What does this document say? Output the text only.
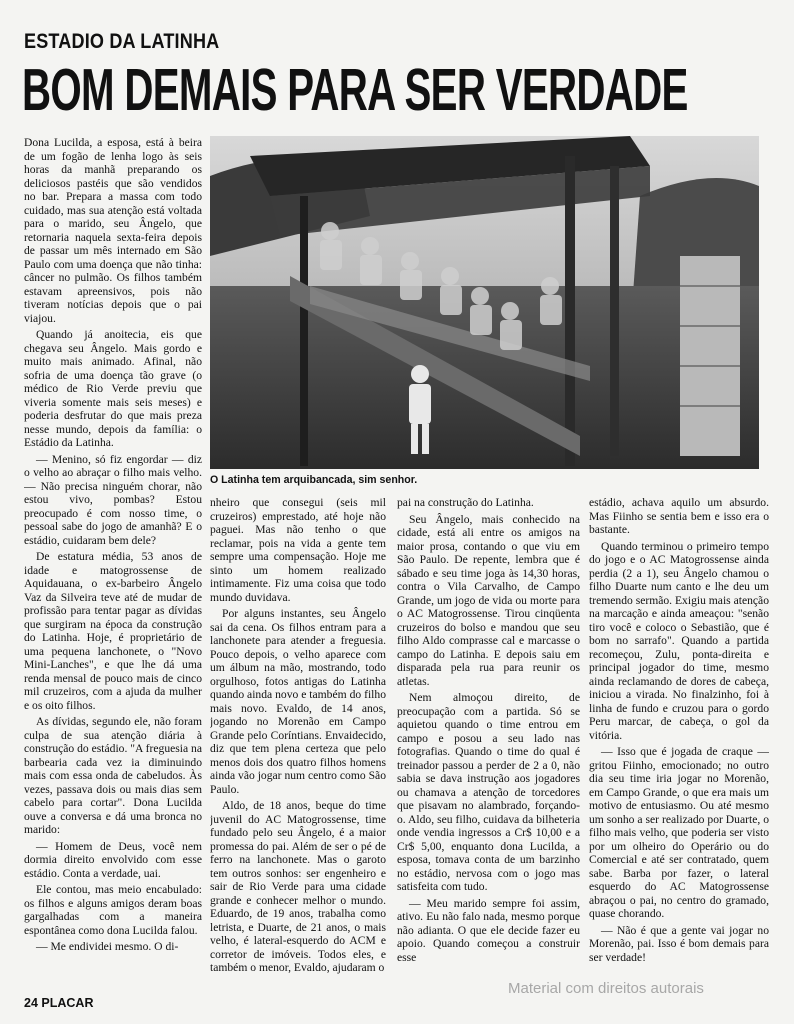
ESTADIO DA LATINHA
BOM DEMAIS PARA SER VERDADE

Dona Lucilda, a esposa, está à beira de um fogão de lenha logo às seis horas da manhã preparando os deliciosos pastéis que são vendidos no bar. Prepara a massa com todo cuidado, mas sua atenção está voltada para o marido, seu Ângelo, que retornaria naquela sexta-feira depois de passar um mês internado em São Paulo com uma doença que não tinha: câncer no pulmão. Os filhos também estavam apreensivos, pois não tiveram notícias depois que o pai viajou.

Quando já anoitecia, eis que chegava seu Ângelo. Mais gordo e muito mais animado. Afinal, não sofria de uma doença tão grave (o médico de Rio Verde previu que viveria somente mais seis meses) e poderia desfrutar do que mais preza nesse mundo, depois da família: o Estádio da Latinha.

— Menino, só fiz engordar — diz o velho ao abraçar o filho mais velho. — Não precisa ninguém chorar, não estou vivo, pombas? Estou preocupado é com nosso time, o pessoal sabe do jogo de amanhã? E o estádio, cuidaram bem dele?

De estatura média, 53 anos de idade e matogrossense de Aquidauana, o ex-barbeiro Ângelo Vaz da Silveira teve até de mudar de profissão para tentar pagar as dívidas que surgiram na época da construção do Latinha. Hoje, é proprietário de uma pequena lanchonete, o "Novo Mini-Lanches", e que lhe dá uma renda mensal de pouco mais de cinco mil cruzeiros, com a ajuda da mulher e os oito filhos.

As dívidas, segundo ele, não foram culpa de sua atenção diária à construção do estádio. "A freguesia na barbearia cada vez ia diminuindo mais com essa onda de cabeludos. Às vezes, passava dois ou mais dias sem cabelo para cortar". Dona Lucilda ouve a conversa e dá uma bronca no marido:

— Homem de Deus, você nem dormia direito envolvido com esse estádio. Conta a verdade, uai.

Ele contou, mas meio encabulado: os filhos e alguns amigos deram boas gargalhadas com a maneira espontânea como dona Lucilda falou.

— Me endividei mesmo. O di-

O Latinha tem arquibancada, sim senhor.

nheiro que consegui (seis mil cruzeiros) emprestado, até hoje não paguei. Mas não tenho o que reclamar, pois na vida a gente tem sempre uma compensação. Hoje me sinto um homem realizado intimamente. Fiz uma coisa que todo mundo duvidava.

Por alguns instantes, seu Ângelo sai da cena. Os filhos entram para a lanchonete para atender a freguesia. Pouco depois, o velho aparece com um álbum na mão, mostrando, todo orgulhoso, fotos antigas do Latinha quando ainda novo e também do filho mais novo. Evaldo, de 14 anos, jogando no Morenão em Campo Grande pelo Coríntians. Envaidecido, diz que tem plena certeza que pelo menos dois dos quatro filhos homens ainda vão jogar num centro como São Paulo.

Aldo, de 18 anos, beque do time juvenil do AC Matogrossense, time fundado pelo seu Ângelo, é a maior promessa do pai. Além de ser o pé de ferro na lanchonete. Mas o garoto tem outros sonhos: ser engenheiro e sair de Rio Verde para uma cidade grande e conhecer melhor o mundo. Eduardo, de 19 anos, trabalha como letrista, e Duarte, de 21 anos, o mais velho, é lateral-esquerdo do ACM e corretor de imóveis. Todos eles, e também o menor, Evaldo, ajudaram o

pai na construção do Latinha.

Seu Ângelo, mais conhecido na cidade, está ali entre os amigos na maior prosa, contando o que viu em São Paulo. De repente, lembra que é sábado e seu time joga às 14,30 horas, contra o Vila Carvalho, de Campo Grande, um jogo de vida ou morte para o AC Matogrossense. Tirou cinqüenta cruzeiros do bolso e mandou que seu filho Aldo comprasse cal e marcasse o campo do Latinha. E depois saiu em disparada pela rua para reunir os atletas.

Nem almoçou direito, de preocupação com a partida. Só se aquietou quando o time entrou em campo e posou a seu lado nas fotografias. Quando o time do qual é treinador passou a perder de 2 a 0, não sabia se dava instrução aos jogadores ou chamava a atenção de torcedores que pisavam no alambrado, forçando-o. Aldo, seu filho, cuidava da bilheteria onde vendia ingressos a Cr$ 10,00 e a Cr$ 5,00, enquanto dona Lucilda, a esposa, tomava conta de um barzinho no estádio, nervosa com o jogo mas satisfeita com tudo.

— Meu marido sempre foi assim, ativo. Eu não falo nada, mesmo porque não adianta. O que ele decide fazer eu apoio. Quando começou a construir esse

estádio, achava aquilo um absurdo. Mas Fiinho se sentia bem e isso era o bastante.

Quando terminou o primeiro tempo do jogo e o AC Matogrossense ainda perdia (2 a 1), seu Ângelo chamou o filho Duarte num canto e lhe deu um tremendo sermão. Exigiu mais atenção na marcação e ainda ameaçou: "senão tiro você e coloco o Sebastião, que é bom no sarrafo". Quando a partida recomeçou, Zulu, ponta-direita e principal jogador do time, mesmo ainda reclamando de dores de cabeça, iniciou a virada. No finalzinho, foi à linha de fundo e cruzou para o gordo Peru marcar, de cabeça, o gol da vitória.

— Isso que é jogada de craque — gritou Fiinho, emocionado; no outro dia seu time iria jogar no Morenão, em Campo Grande, o que era mais um motivo de entusiasmo. Ou até mesmo um sonho a ser realizado por Duarte, o filho mais velho, que poderia ser visto por um olheiro do Operário ou do Comercial e até ser contratado, quem sabe. Barba por fazer, o lateral esquerdo do AC Matogrossense abraçou o pai, no centro do gramado, quase chorando.

— Não é que a gente vai jogar no Morenão, pai. Isso é bom demais para ser verdade!

24 PLACAR
Material com direitos autorais
